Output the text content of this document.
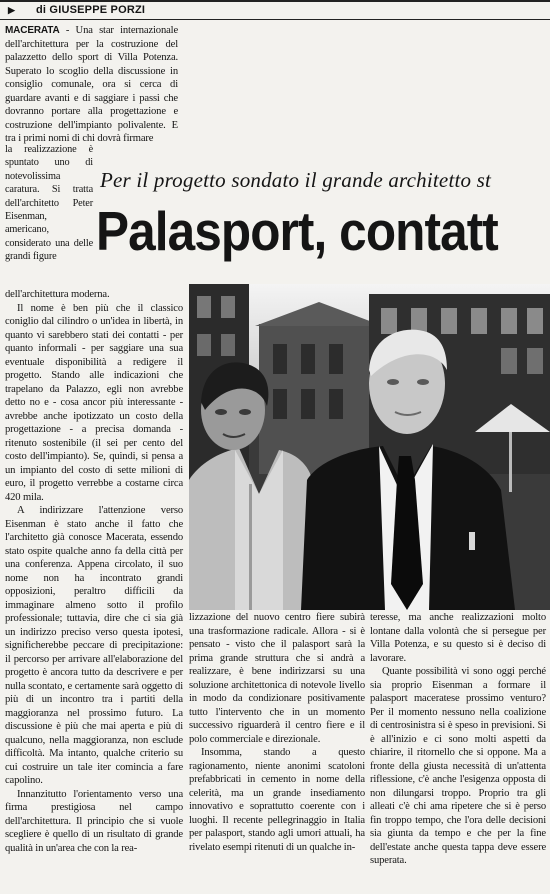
▶ di GIUSEPPE PORZI

MACERATA - Una star internazionale dell'architettura per la costruzione del palazzetto dello sport di Villa Potenza. Superato lo scoglio della discussione in consiglio comunale, ora si cerca di guardare avanti e di saggiare i passi che dovranno portare alla progettazione e costruzione dell'impianto polivalente. E tra i primi nomi di chi dovrà firmare

la realizzazione è spuntato uno di notevolissima caratura. Si tratta dell'architetto Peter Eisenman, americano, considerato una delle grandi figure

Per il progetto sondato il grande architetto st
Palasport, contatt

dell'architettura moderna.

Il nome è ben più che il classico coniglio dal cilindro o un'idea in libertà, in quanto vi sarebbero stati dei contatti - per quanto informali - per saggiare una sua eventuale disponibilità a redigere il progetto. Stando alle indicazioni che trapelano da Palazzo, egli non avrebbe detto no e - cosa ancor più interessante - avrebbe anche ipotizzato un costo della progettazione - a precisa domanda - ritenuto sostenibile (il sei per cento del costo dell'impianto). Se, quindi, si pensa a un impianto del costo di sette milioni di euro, il progetto verrebbe a costarne circa 420 mila.

A indirizzare l'attenzione verso Eisenman è stato anche il fatto che l'architetto già conosce Macerata, essendo stato ospite qualche anno fa della città per una conferenza. Appena circolato, il suo nome non ha incontrato grandi opposizioni, peraltro difficili da immaginare almeno sotto il profilo professionale; tuttavia, dire che ci sia già un indirizzo preciso verso questa ipotesi, significherebbe peccare di precipitazione: il percorso per arrivare all'elaborazione del progetto è ancora tutto da descrivere e per nulla scontato, e certamente sarà oggetto di più di un incontro tra i partiti della maggioranza nel prossimo futuro. La discussione è più che mai aperta e più di qualcuno, nella maggioranza, non esclude difficoltà. Ma intanto, qualche criterio su cui costruire un tale iter comincia a fare capolino.

Innanzitutto l'orientamento verso una firma prestigiosa nel campo dell'architettura. Il principio che si vuole scegliere è quello di un risultato di grande qualità in un'area che con la rea-

lizzazione del nuovo centro fiere subirà una trasformazione radicale. Allora - si è pensato - visto che il palasport sarà la prima grande struttura che si andrà a realizzare, è bene indirizzarsi su una soluzione architettonica di notevole livello in modo da condizionare positivamente tutto l'intervento che in un momento successivo riguarderà il centro fiere e il polo commerciale e direzionale.

Insomma, stando a questo ragionamento, niente anonimi scatoloni prefabbricati in cemento in nome della celerità, ma un grande insediamento innovativo e soprattutto coerente con i luoghi. Il recente pellegrinaggio in Italia per palasport, stando agli umori attuali, ha rivelato esempi ritenuti di un qualche in-

teresse, ma anche realizzazioni molto lontane dalla volontà che si persegue per Villa Potenza, e su questo si è deciso di lavorare.

Quante possibilità vi sono oggi perché sia proprio Eisenman a formare il palasport maceratese prossimo venturo? Per il momento nessuno nella coalizione di centrosinistra si è speso in previsioni. Si è all'inizio e ci sono molti aspetti da chiarire, il ritornello che si oppone. Ma a fronte della giusta necessità di un'attenta riflessione, c'è anche l'esigenza opposta di non dilungarsi troppo. Proprio tra gli alleati c'è chi ama ripetere che si è perso fin troppo tempo, che l'ora delle decisioni sia giunta da tempo e che per la fine dell'estate anche questa tappa deve essere superata.
